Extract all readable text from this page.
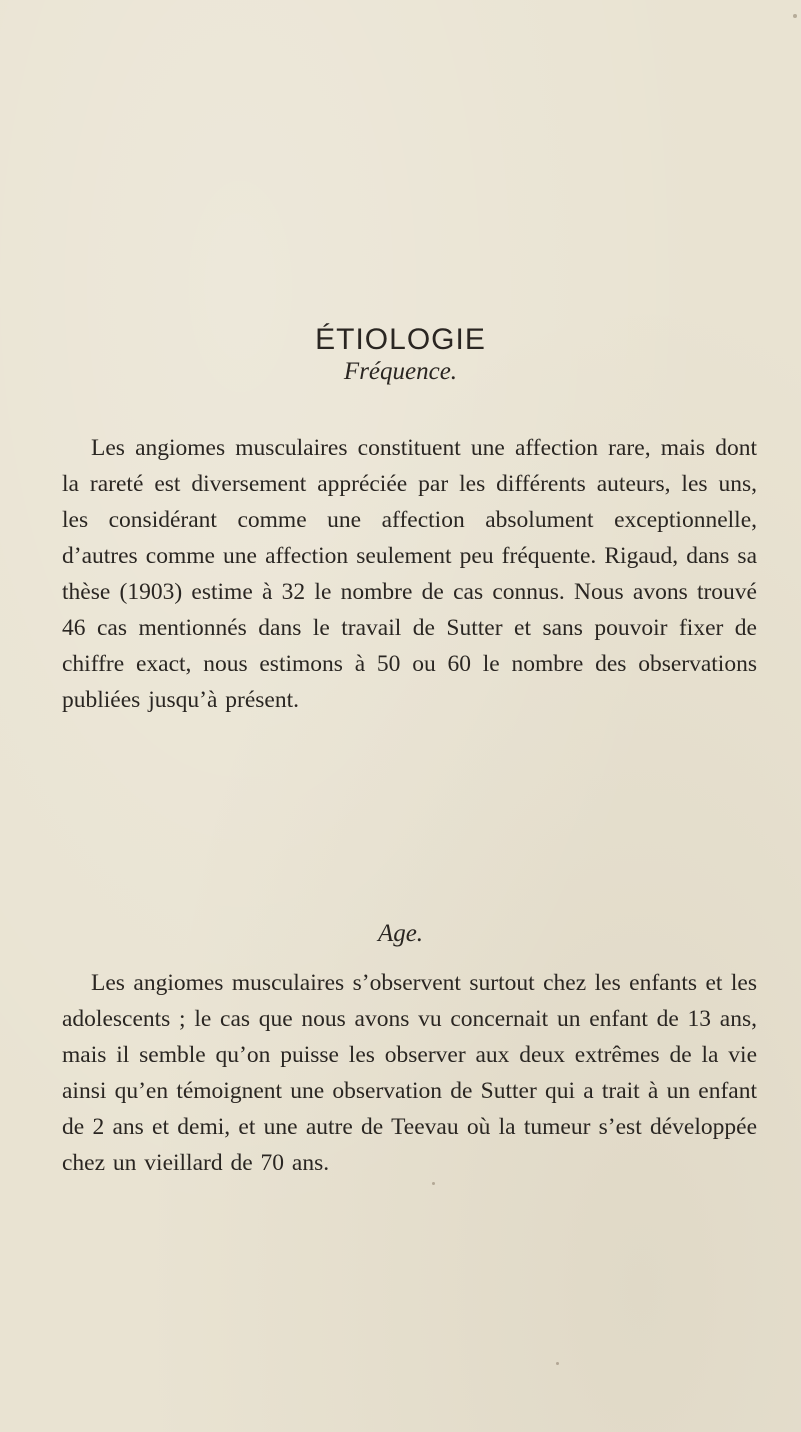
ÉTIOLOGIE
Fréquence.

Les angiomes musculaires constituent une affection rare, mais dont la rareté est diversement appréciée par les différents auteurs, les uns, les considérant comme une affection absolument exceptionnelle, d’autres comme une affection seulement peu fréquente. Rigaud, dans sa thèse (1903) estime à 32 le nombre de cas connus. Nous avons trouvé 46 cas mentionnés dans le travail de Sutter et sans pouvoir fixer de chiffre exact, nous estimons à 50 ou 60 le nombre des observations publiées jusqu’à présent.

Age.

Les angiomes musculaires s’observent surtout chez les enfants et les adolescents ; le cas que nous avons vu concernait un enfant de 13 ans, mais il semble qu’on puisse les observer aux deux extrêmes de la vie ainsi qu’en témoignent une observation de Sutter qui a trait à un enfant de 2 ans et demi, et une autre de Teevau où la tumeur s’est développée chez un vieillard de 70 ans.
